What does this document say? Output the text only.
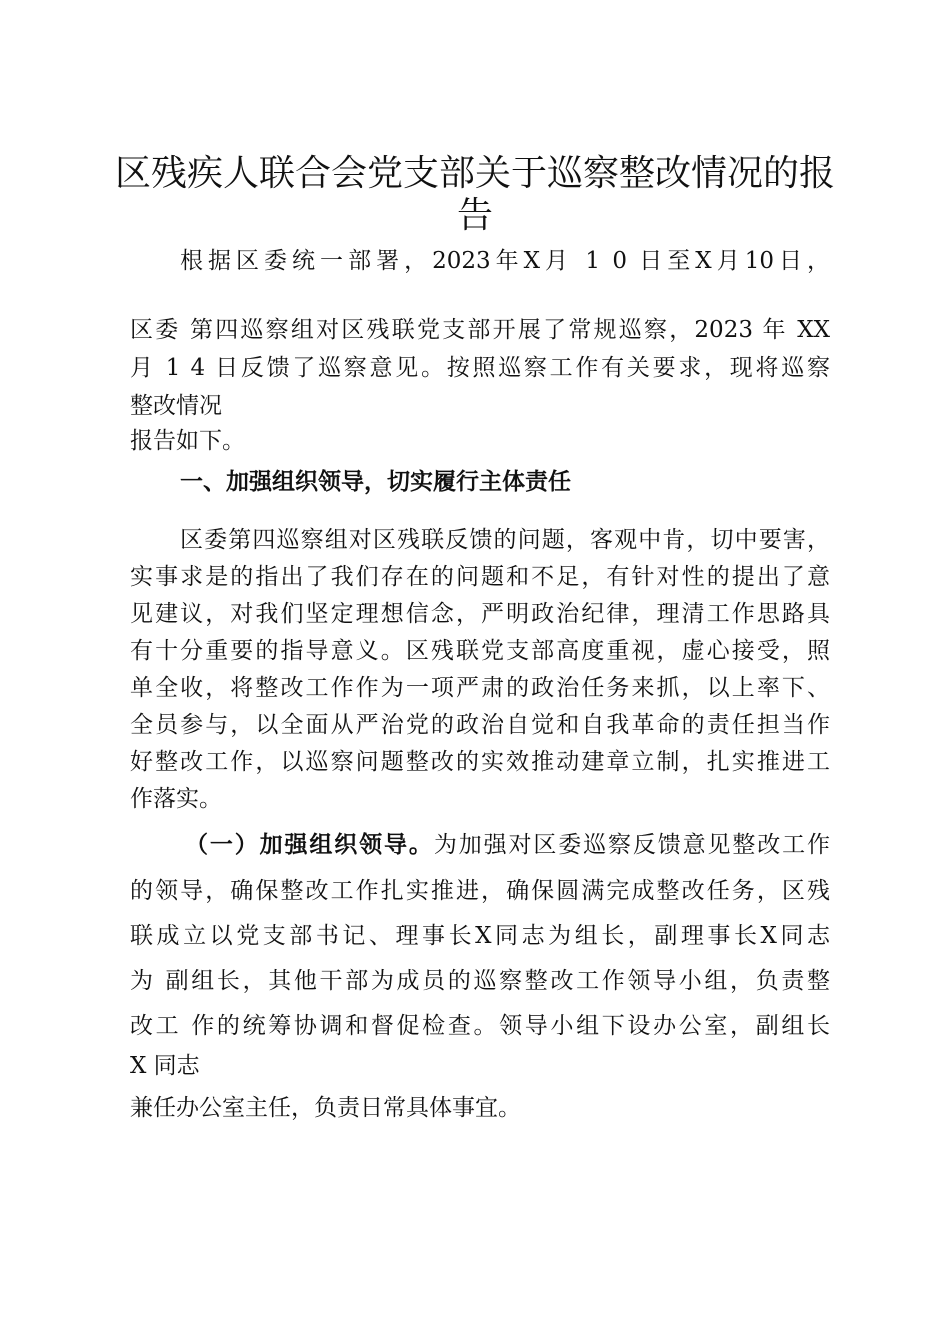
区残疾人联合会党支部关于巡察整改情况的报
告

根据区委统一部署，2023年X月 1 0 日至X月10日，

区委 第四巡察组对区残联党支部开展了常规巡察，2023 年 XX

月 1 4 日反馈了巡察意见。按照巡察工作有关要求，现将巡察

整改情况

报告如下。

一、加强组织领导，切实履行主体责任

区委第四巡察组对区残联反馈的问题，客观中肯，切中要害，

实事求是的指出了我们存在的问题和不足，有针对性的提出了意

见建议，对我们坚定理想信念，严明政治纪律，理清工作思路具

有十分重要的指导意义。区残联党支部高度重视，虚心接受，照

单全收，将整改工作作为一项严肃的政治任务来抓，以上率下、

全员参与，以全面从严治党的政治自觉和自我革命的责任担当作

好整改工作，以巡察问题整改的实效推动建章立制，扎实推进工

作落实。

（一）加强组织领导。为加强对区委巡察反馈意见整改工作

的领导，确保整改工作扎实推进，确保圆满完成整改任务，区残

联成立以党支部书记、理事长X同志为组长，副理事长X同志

为 副组长，其他干部为成员的巡察整改工作领导小组，负责整

改工 作的统筹协调和督促检查。领导小组下设办公室，副组长

X 同志

兼任办公室主任，负责日常具体事宜。
